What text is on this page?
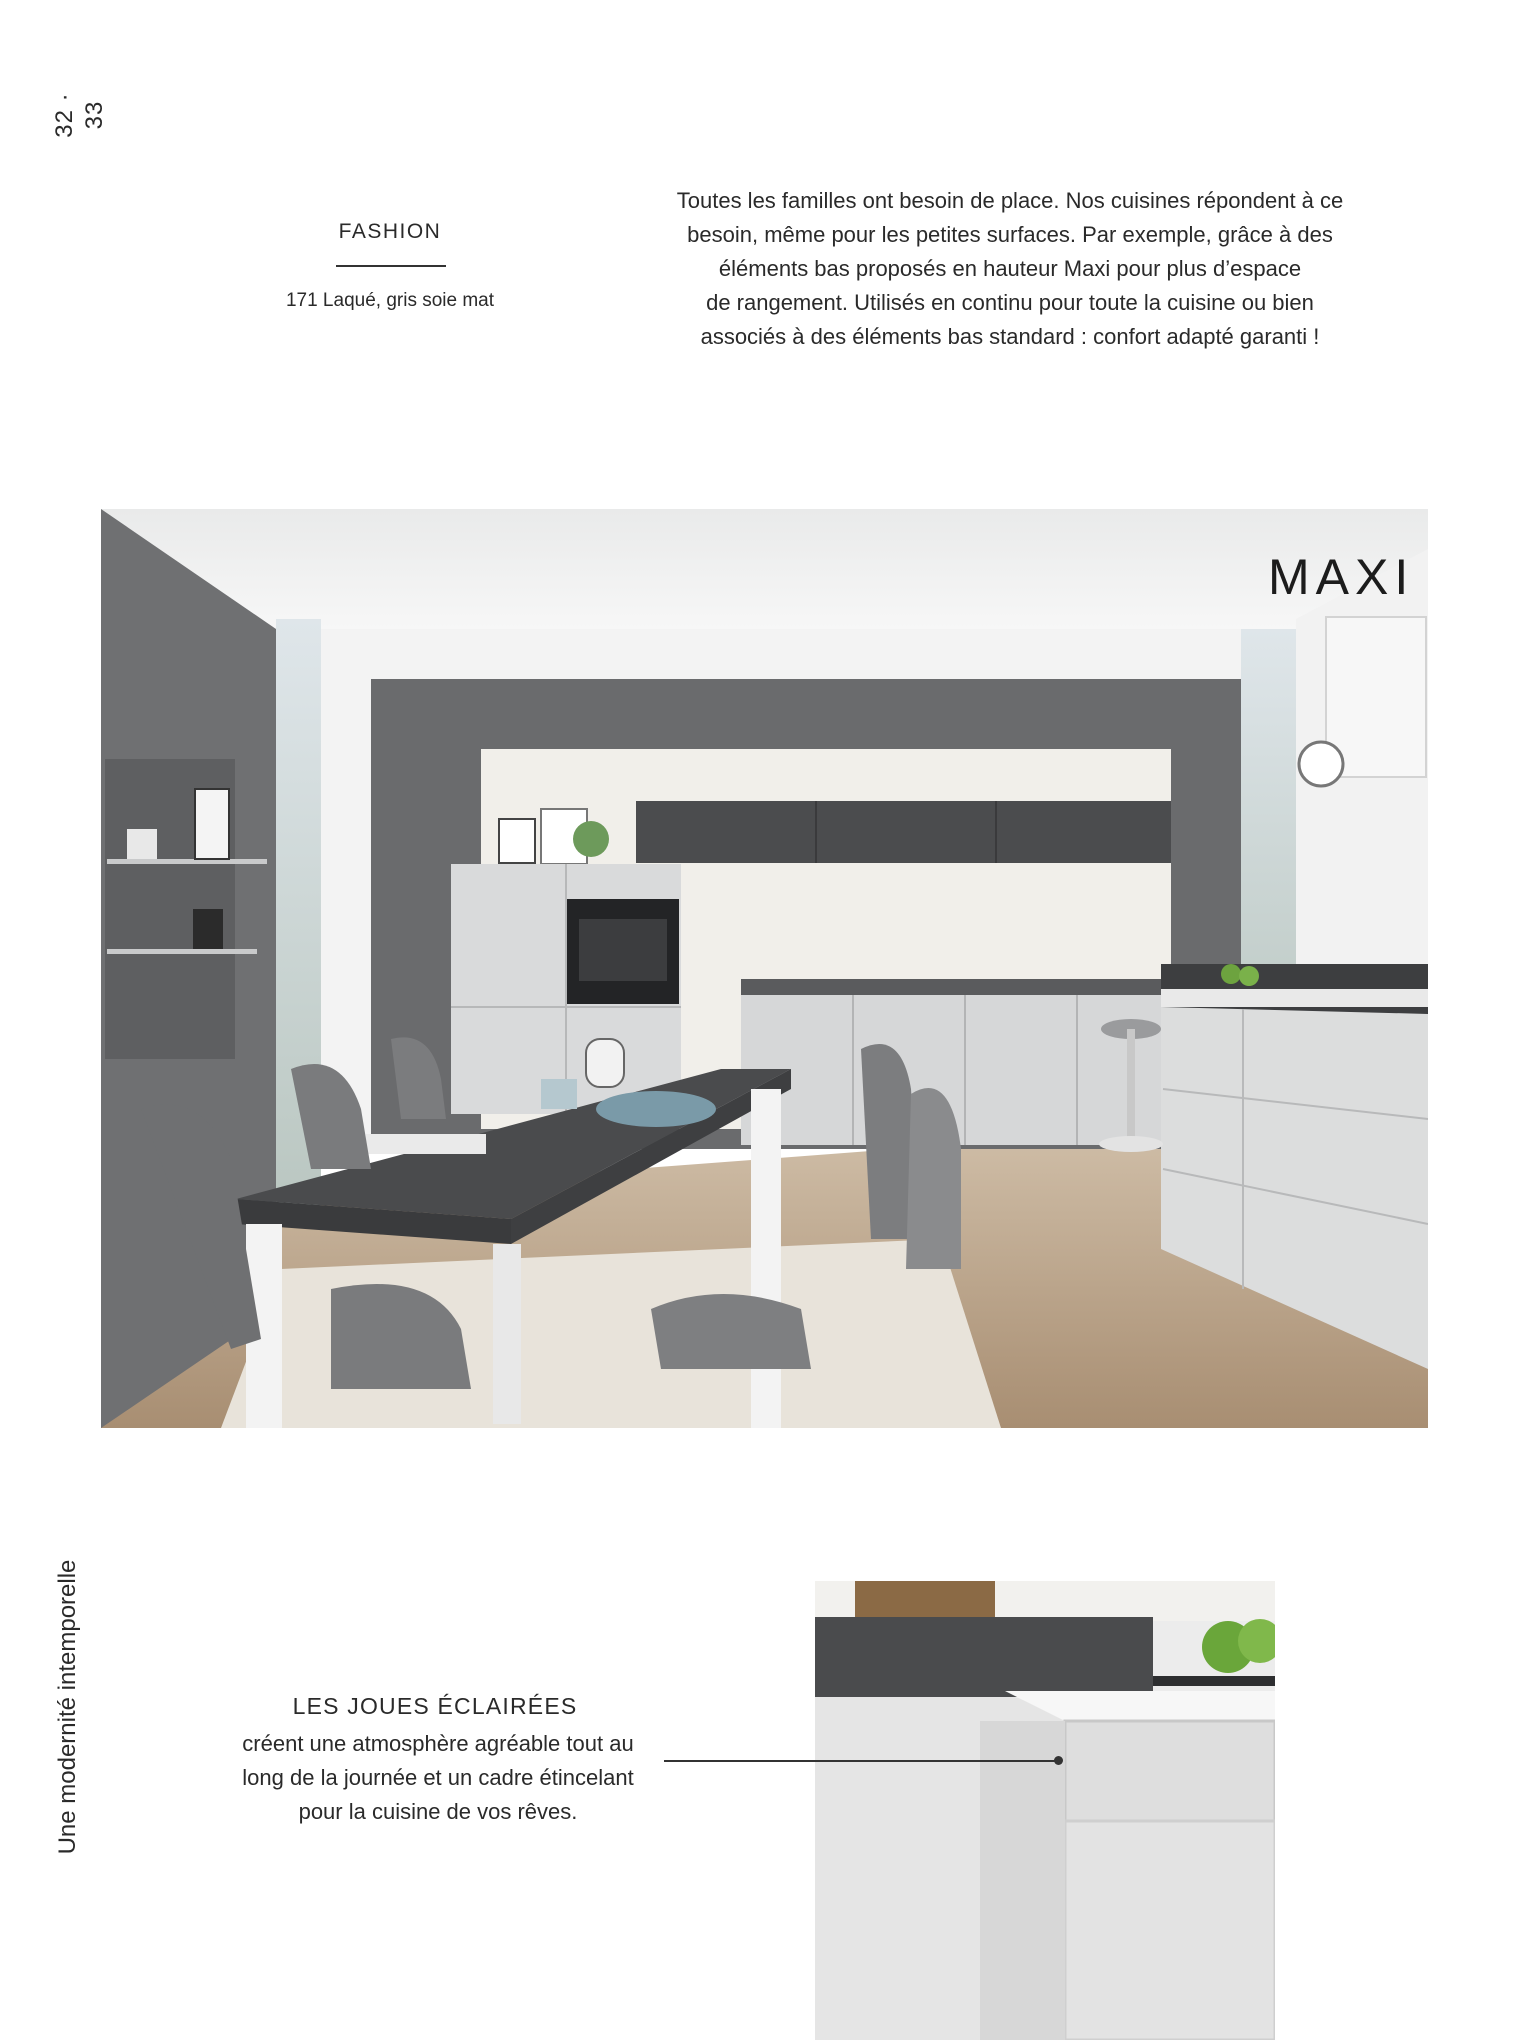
32 · 33
Une modernité intemporelle
FASHION
171 Laqué, gris soie mat
Toutes les familles ont besoin de place. Nos cuisines répondent à ce
besoin, même pour les petites surfaces. Par exemple, grâce à des
éléments bas proposés en hauteur Maxi pour plus d’espace
de rangement. Utilisés en continu pour toute la cuisine ou bien
associés à des éléments bas standard : confort adapté garanti !
MAXI
LES JOUES ÉCLAIRÉES
créent une atmosphère agréable tout au
long de la journée et un cadre étincelant
pour la cuisine de vos rêves.
